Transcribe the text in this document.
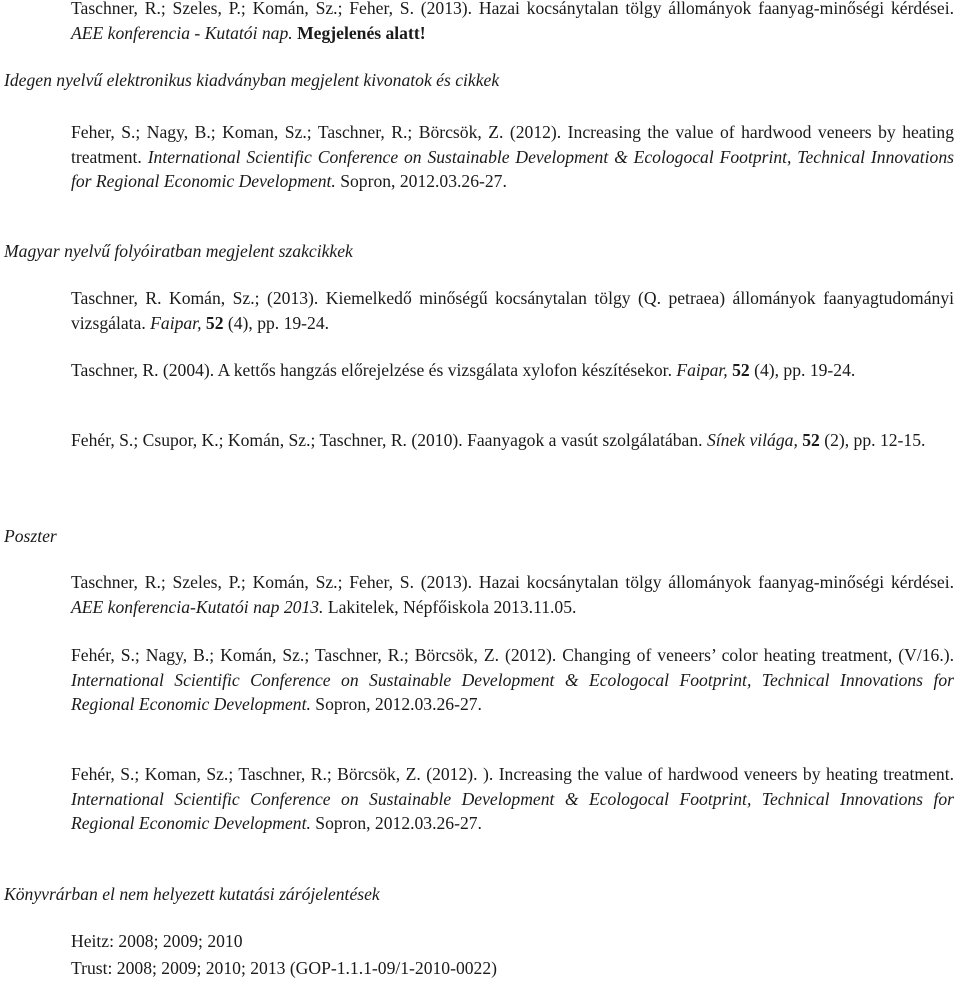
Taschner, R.; Szeles, P.; Komán, Sz.; Feher, S. (2013). Hazai kocsánytalan tölgy állományok faanyag-minőségi kérdései. AEE konferencia - Kutatói nap. Megjelenés alatt!
Idegen nyelvű elektronikus kiadványban megjelent kivonatok és cikkek
Feher, S.; Nagy, B.; Koman, Sz.; Taschner, R.; Börcsök, Z. (2012). Increasing the value of hardwood veneers by heating treatment. International Scientific Conference on Sustainable Development & Ecologocal Footprint, Technical Innovations for Regional Economic Development. Sopron, 2012.03.26-27.
Magyar nyelvű folyóiratban megjelent szakcikkek
Taschner, R. Komán, Sz.; (2013). Kiemelkedő minőségű kocsánytalan tölgy (Q. petraea) állományok faanyagtudományi vizsgálata. Faipar, 52 (4), pp. 19-24.
Taschner, R. (2004). A kettős hangzás előrejelzése és vizsgálata xylofon készítésekor. Faipar, 52 (4), pp. 19-24.
Fehér, S.; Csupor, K.; Komán, Sz.; Taschner, R. (2010). Faanyagok a vasút szolgálatában. Sínek világa, 52 (2), pp. 12-15.
Poszter
Taschner, R.; Szeles, P.; Komán, Sz.; Feher, S. (2013). Hazai kocsánytalan tölgy állományok faanyag-minőségi kérdései. AEE konferencia-Kutatói nap 2013. Lakitelek, Népfőiskola 2013.11.05.
Fehér, S.; Nagy, B.; Komán, Sz.; Taschner, R.; Börcsök, Z. (2012). Changing of veneers’ color heating treatment, (V/16.). International Scientific Conference on Sustainable Development & Ecologocal Footprint, Technical Innovations for Regional Economic Development. Sopron, 2012.03.26-27.
Fehér, S.; Koman, Sz.; Taschner, R.; Börcsök, Z. (2012). ). Increasing the value of hardwood veneers by heating treatment. International Scientific Conference on Sustainable Development & Ecologocal Footprint, Technical Innovations for Regional Economic Development. Sopron, 2012.03.26-27.
Könyvrárban el nem helyezett kutatási zárójelentések
Heitz: 2008; 2009; 2010
Trust: 2008; 2009; 2010; 2013 (GOP-1.1.1-09/1-2010-0022)
